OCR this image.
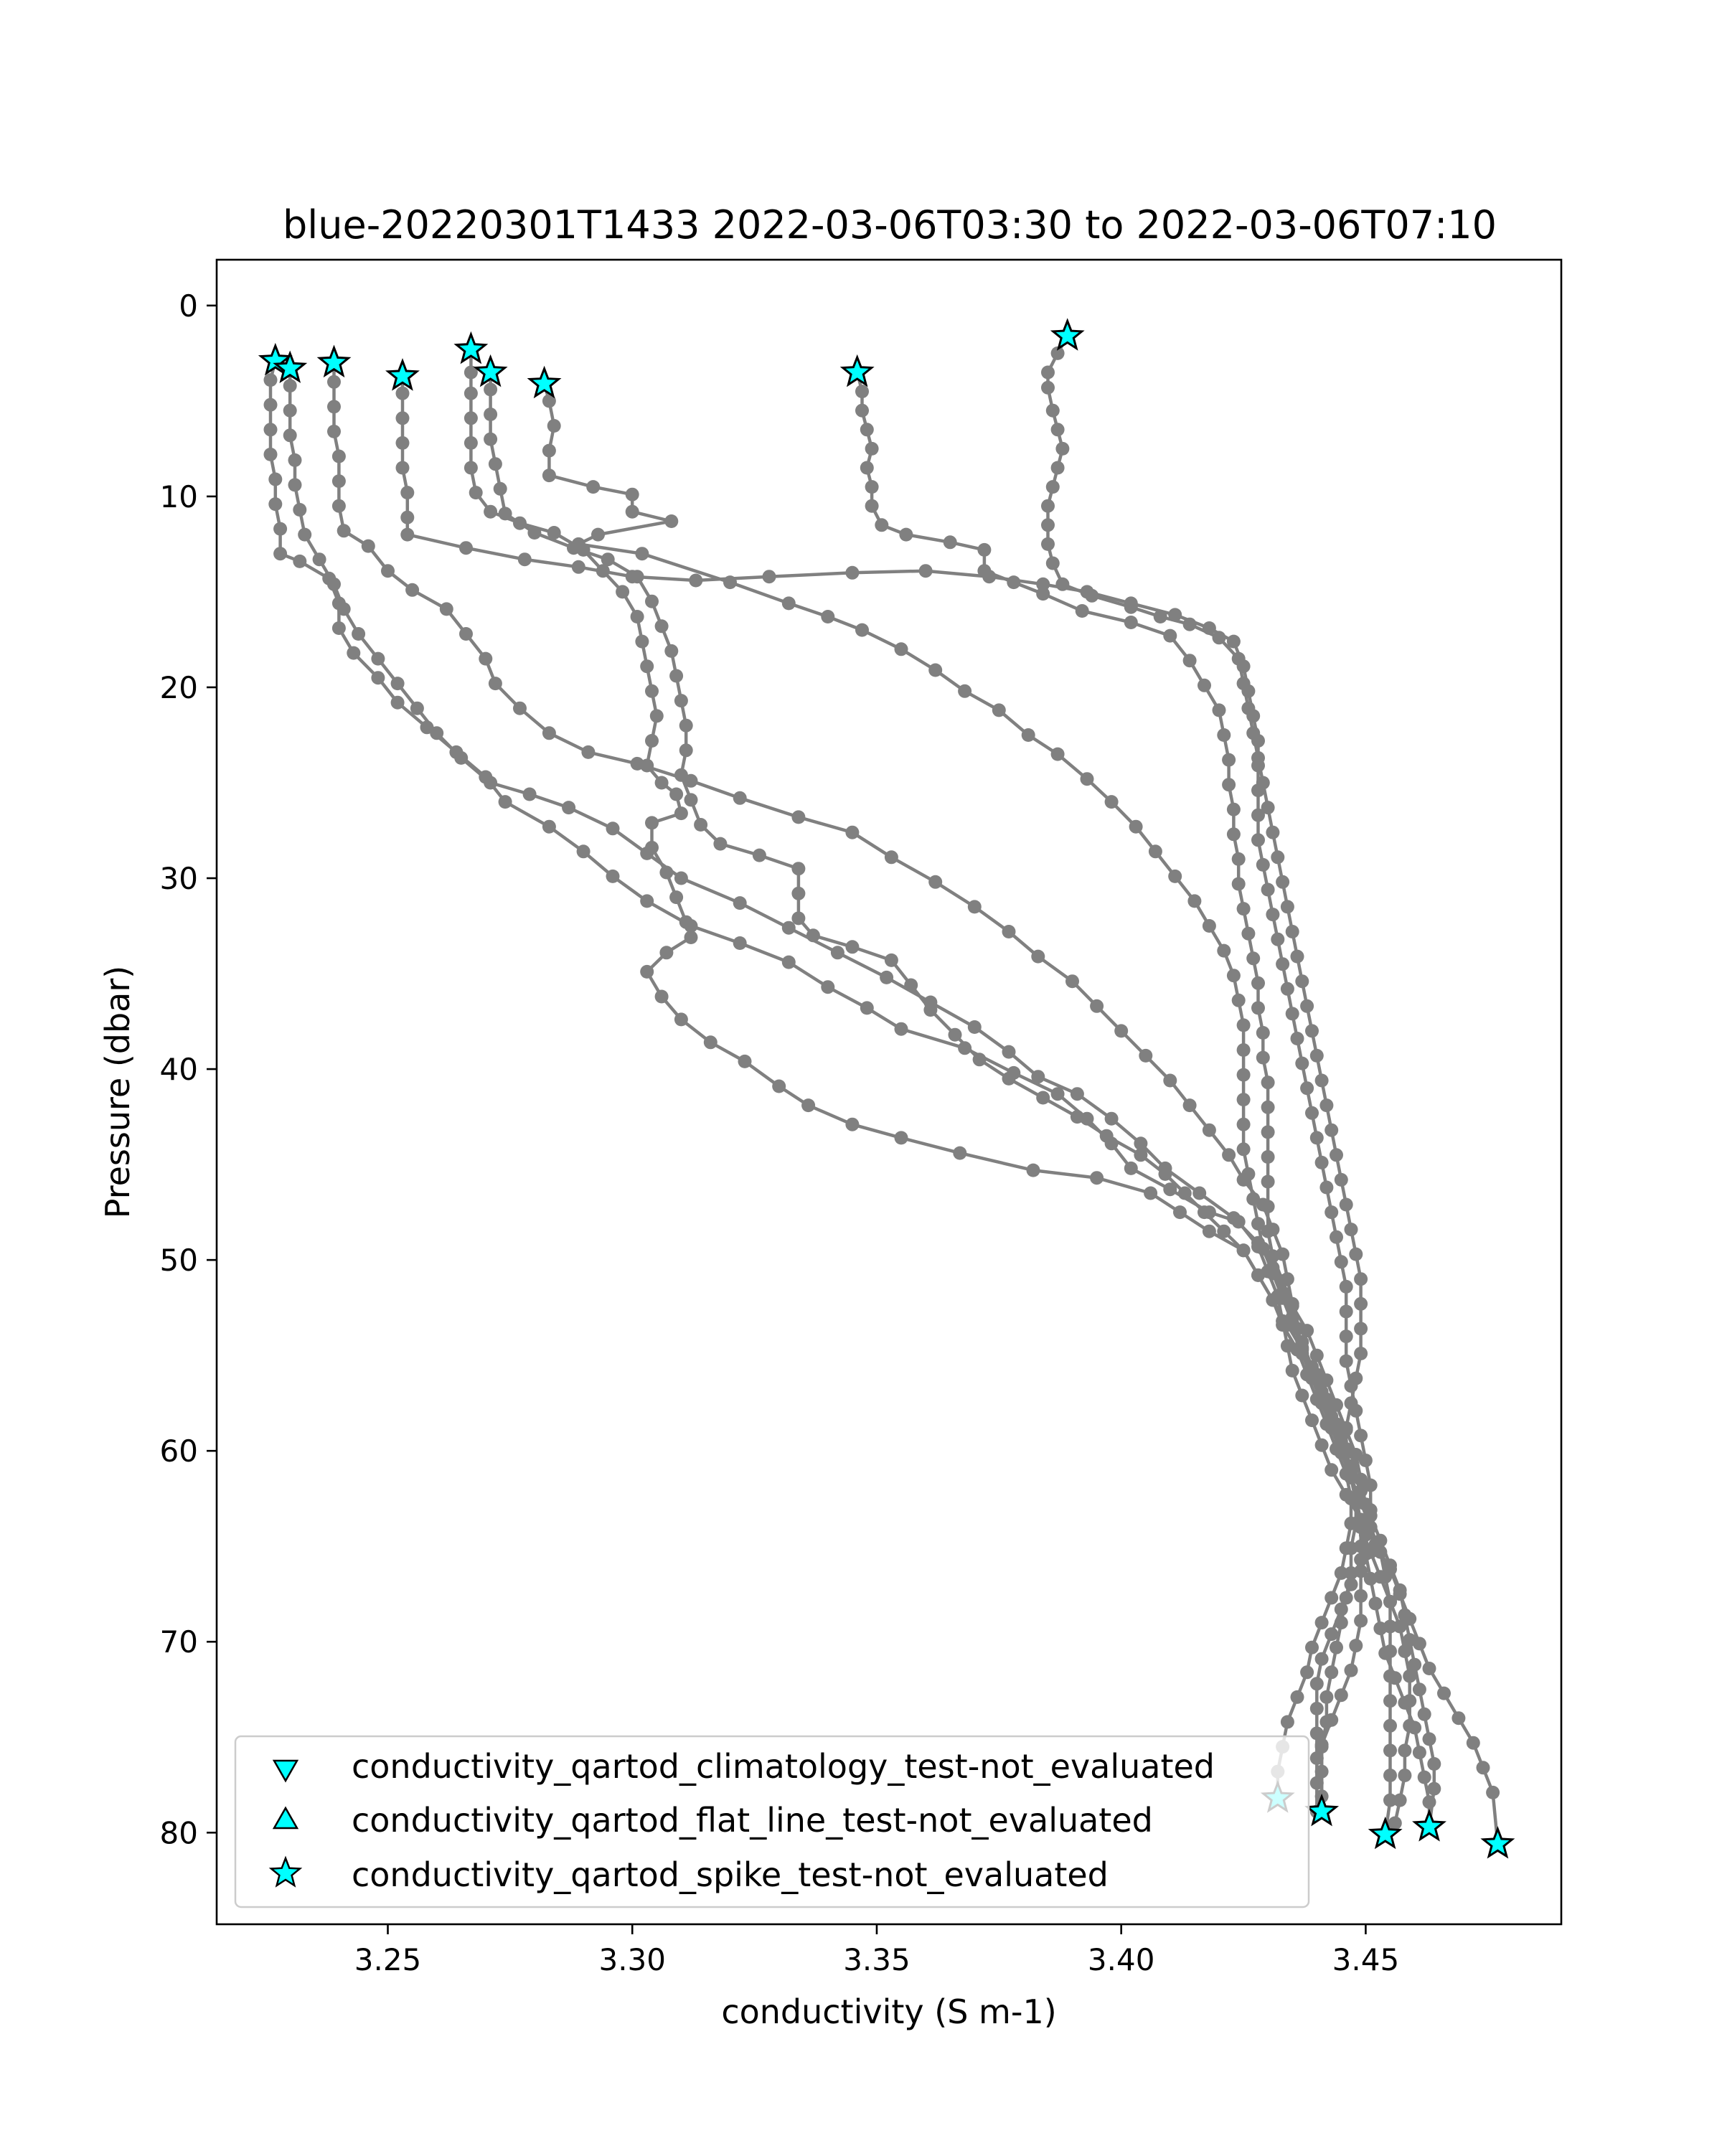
blue-20220301T1433 2022-03-06T03:30 to 2022-03-06T07:10
3.25	3.30	3.35	3.40	3.45
0
10
20
30
40
50
60
70
80
conductivity (S m-1)
Pressure (dbar)
conductivity_qartod_climatology_test-not_evaluated
conductivity_qartod_flat_line_test-not_evaluated
conductivity_qartod_spike_test-not_evaluated
